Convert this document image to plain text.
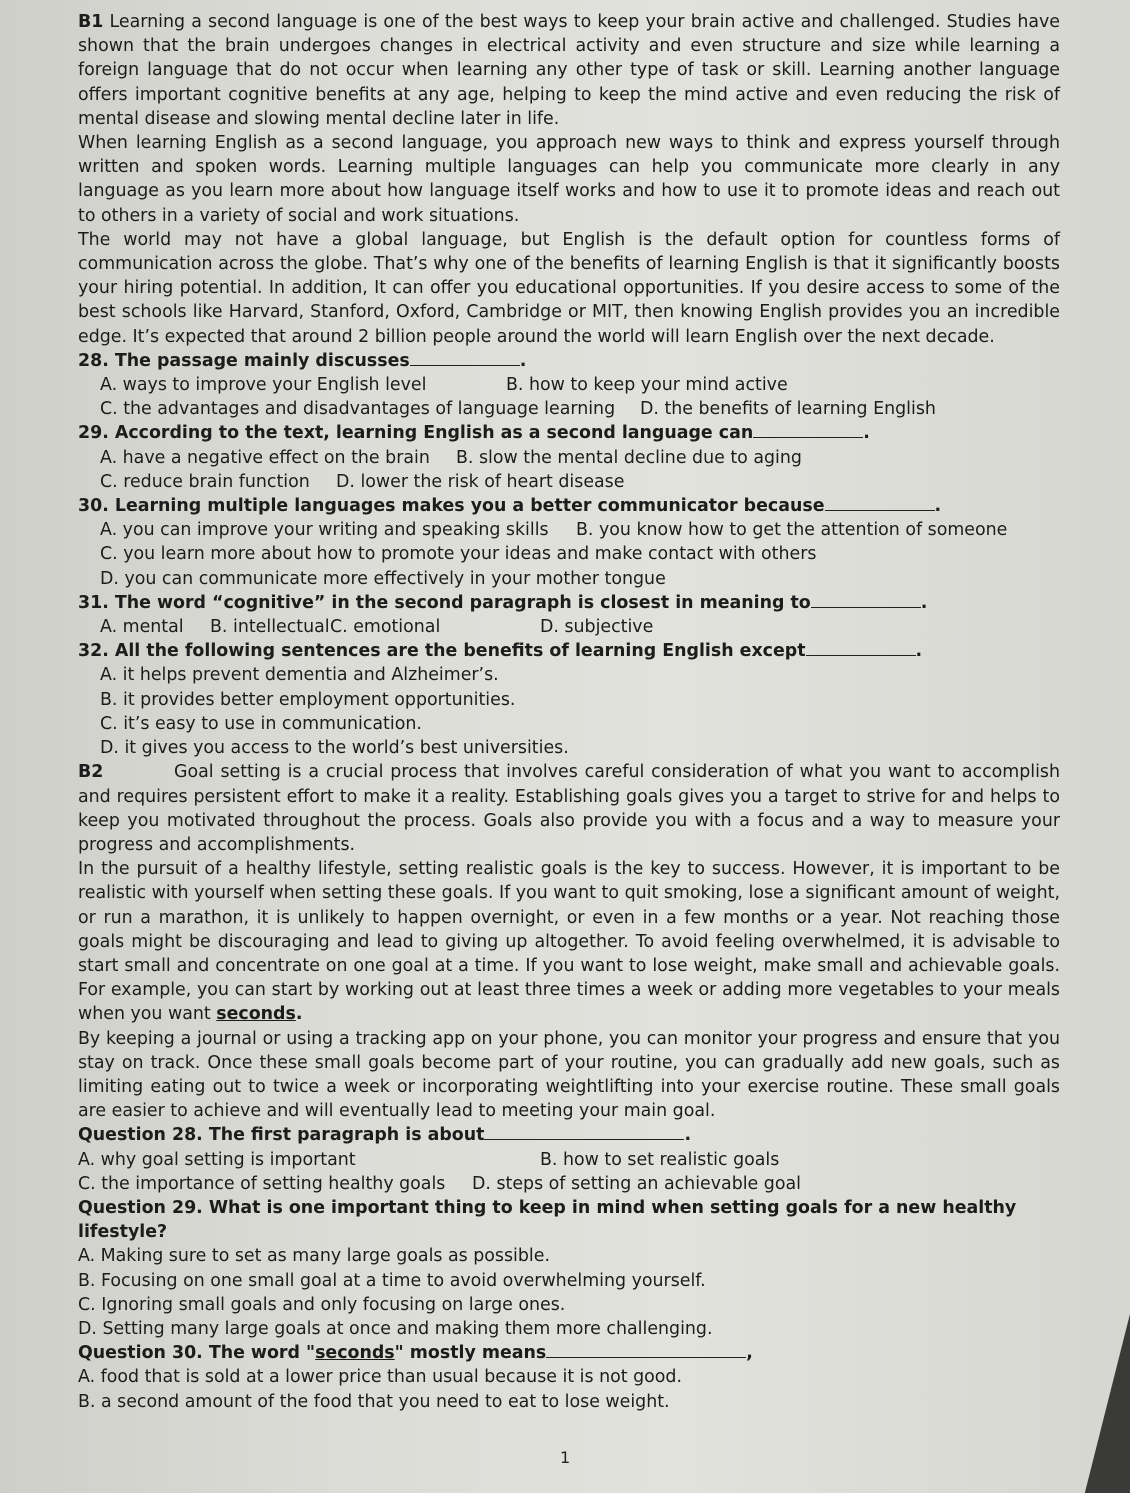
B1 Learning a second language is one of the best ways to keep your brain active and challenged. Studies have shown that the brain undergoes changes in electrical activity and even structure and size while learning a foreign language that do not occur when learning any other type of task or skill. Learning another language offers important cognitive benefits at any age, helping to keep the mind active and even reducing the risk of mental disease and slowing mental decline later in life.

When learning English as a second language, you approach new ways to think and express yourself through written and spoken words. Learning multiple languages can help you communicate more clearly in any language as you learn more about how language itself works and how to use it to promote ideas and reach out to others in a variety of social and work situations.

The world may not have a global language, but English is the default option for countless forms of communication across the globe. That’s why one of the benefits of learning English is that it significantly boosts your hiring potential. In addition, It can offer you educational opportunities. If you desire access to some of the best schools like Harvard, Stanford, Oxford, Cambridge or MIT, then knowing English provides you an incredible edge. It’s expected that around 2 billion people around the world will learn English over the next decade.

28. The passage mainly discusses	.

A. ways to improve your English level	B. how to keep your mind active
C. the advantages and disadvantages of language learning	D. the benefits of learning English

29. According to the text, learning English as a second language can	.

A. have a negative effect on the brain	B. slow the mental decline due to aging
C. reduce brain function	D. lower the risk of heart disease

30. Learning multiple languages makes you a better communicator because	.

A. you can improve your writing and speaking skills	B. you know how to get the attention of someone

C. you learn more about how to promote your ideas and make contact with others

D. you can communicate more effectively in your mother tongue

31. The word “cognitive” in the second paragraph is closest in meaning to	.

A. mental	B. intellectual C. emotional	D. subjective

32. All the following sentences are the benefits of learning English except	.

A. it helps prevent dementia and Alzheimer’s.

B. it provides better employment opportunities.

C. it’s easy to use in communication.

D. it gives you access to the world’s best universities.

B2	Goal setting is a crucial process that involves careful consideration of what you want to accomplish and requires persistent effort to make it a reality. Establishing goals gives you a target to strive for and helps to keep you motivated throughout the process. Goals also provide you with a focus and a way to measure your progress and accomplishments.

In the pursuit of a healthy lifestyle, setting realistic goals is the key to success. However, it is important to be realistic with yourself when setting these goals. If you want to quit smoking, lose a significant amount of weight, or run a marathon, it is unlikely to happen overnight, or even in a few months or a year. Not reaching those goals might be discouraging and lead to giving up altogether. To avoid feeling overwhelmed, it is advisable to start small and concentrate on one goal at a time. If you want to lose weight, make small and achievable goals. For example, you can start by working out at least three times a week or adding more vegetables to your meals when you want seconds.

By keeping a journal or using a tracking app on your phone, you can monitor your progress and ensure that you stay on track. Once these small goals become part of your routine, you can gradually add new goals, such as limiting eating out to twice a week or incorporating weightlifting into your exercise routine. These small goals are easier to achieve and will eventually lead to meeting your main goal.

Question 28. The first paragraph is about	.

A. why goal setting is important	B. how to set realistic goals
C. the importance of setting healthy goals	D. steps of setting an achievable goal

Question 29. What is one important thing to keep in mind when setting goals for a new healthy lifestyle?

A. Making sure to set as many large goals as possible.

B. Focusing on one small goal at a time to avoid overwhelming yourself.

C. Ignoring small goals and only focusing on large ones.

D. Setting many large goals at once and making them more challenging.

Question 30. The word "seconds" mostly means	,

A. food that is sold at a lower price than usual because it is not good.

B. a second amount of the food that you need to eat to lose weight.

1
